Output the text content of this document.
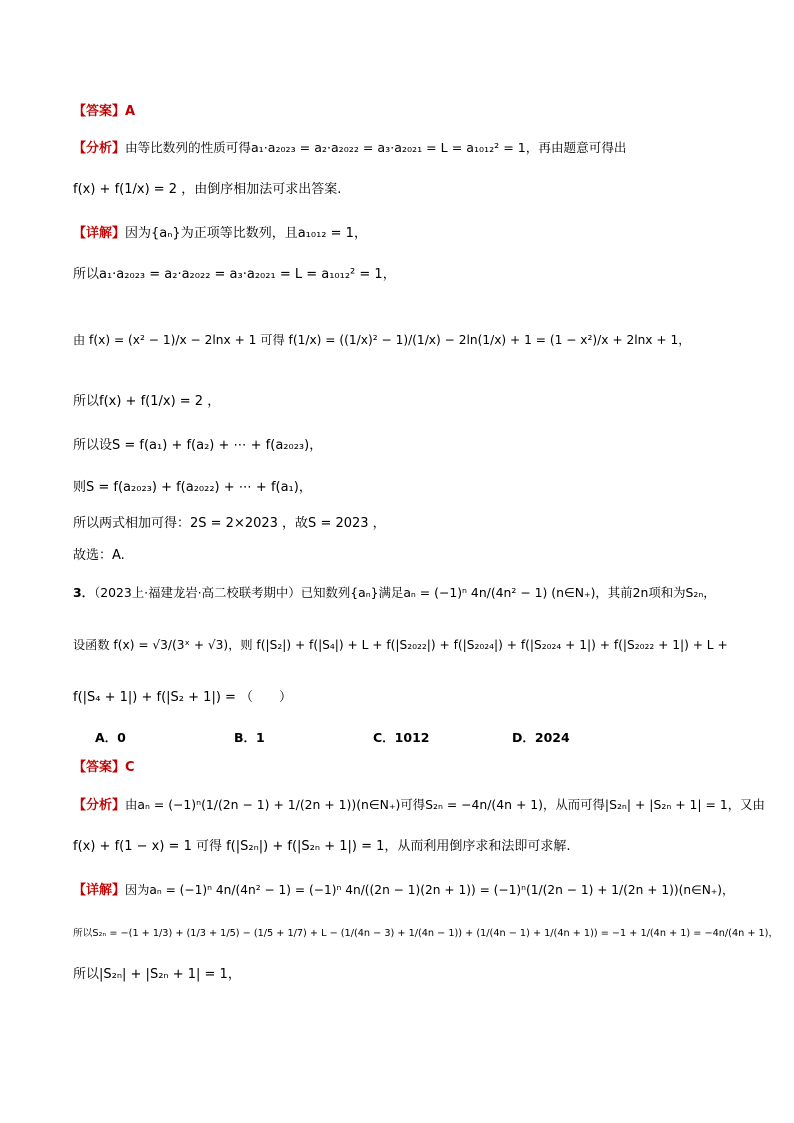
【答案】A
【分析】由等比数列的性质可得a₁·a₂₀₂₃ = a₂·a₂₀₂₂ = a₃·a₂₀₂₁ = L = a₁₀₁₂² = 1，再由题意可得出
f(x) + f(1/x) = 2 ，由倒序相加法可求出答案.
【详解】因为{aₙ}为正项等比数列，且a₁₀₁₂ = 1，
所以a₁·a₂₀₂₃ = a₂·a₂₀₂₂ = a₃·a₂₀₂₁ = L = a₁₀₁₂² = 1，
由 f(x) = (x² − 1)/x − 2lnx + 1 可得 f(1/x) = ((1/x)² − 1)/(1/x) − 2ln(1/x) + 1 = (1 − x²)/x + 2lnx + 1，
所以f(x) + f(1/x) = 2 ，
所以设S = f(a₁) + f(a₂) + ⋯ + f(a₂₀₂₃)，
则S = f(a₂₀₂₃) + f(a₂₀₂₂) + ⋯ + f(a₁)，
所以两式相加可得：2S = 2×2023 ，故S = 2023 ，
故选：A.
3．（2023上·福建龙岩·高二校联考期中）已知数列{aₙ}满足aₙ = (−1)ⁿ 4n/(4n² − 1) (n∈N₊)，其前2n项和为S₂ₙ，
设函数 f(x) = √3/(3ˣ + √3)，则 f(|S₂|) + f(|S₄|) + L + f(|S₂₀₂₂|) + f(|S₂₀₂₄|) + f(|S₂₀₂₄ + 1|) + f(|S₂₀₂₂ + 1|) + L +
f(|S₄ + 1|) + f(|S₂ + 1|) = （　　）
A．0	B．1	C．1012	D．2024
【答案】C
【分析】由aₙ = (−1)ⁿ(1/(2n − 1) + 1/(2n + 1))(n∈N₊)可得S₂ₙ = −4n/(4n + 1)，从而可得|S₂ₙ| + |S₂ₙ + 1| = 1，又由
f(x) + f(1 − x) = 1 可得 f(|S₂ₙ|) + f(|S₂ₙ + 1|) = 1，从而利用倒序求和法即可求解.
【详解】因为aₙ = (−1)ⁿ 4n/(4n² − 1) = (−1)ⁿ 4n/((2n − 1)(2n + 1)) = (−1)ⁿ(1/(2n − 1) + 1/(2n + 1))(n∈N₊)，
所以S₂ₙ = −(1 + 1/3) + (1/3 + 1/5) − (1/5 + 1/7) + L − (1/(4n − 3) + 1/(4n − 1)) + (1/(4n − 1) + 1/(4n + 1)) = −1 + 1/(4n + 1) = −4n/(4n + 1)，
所以|S₂ₙ| + |S₂ₙ + 1| = 1，
